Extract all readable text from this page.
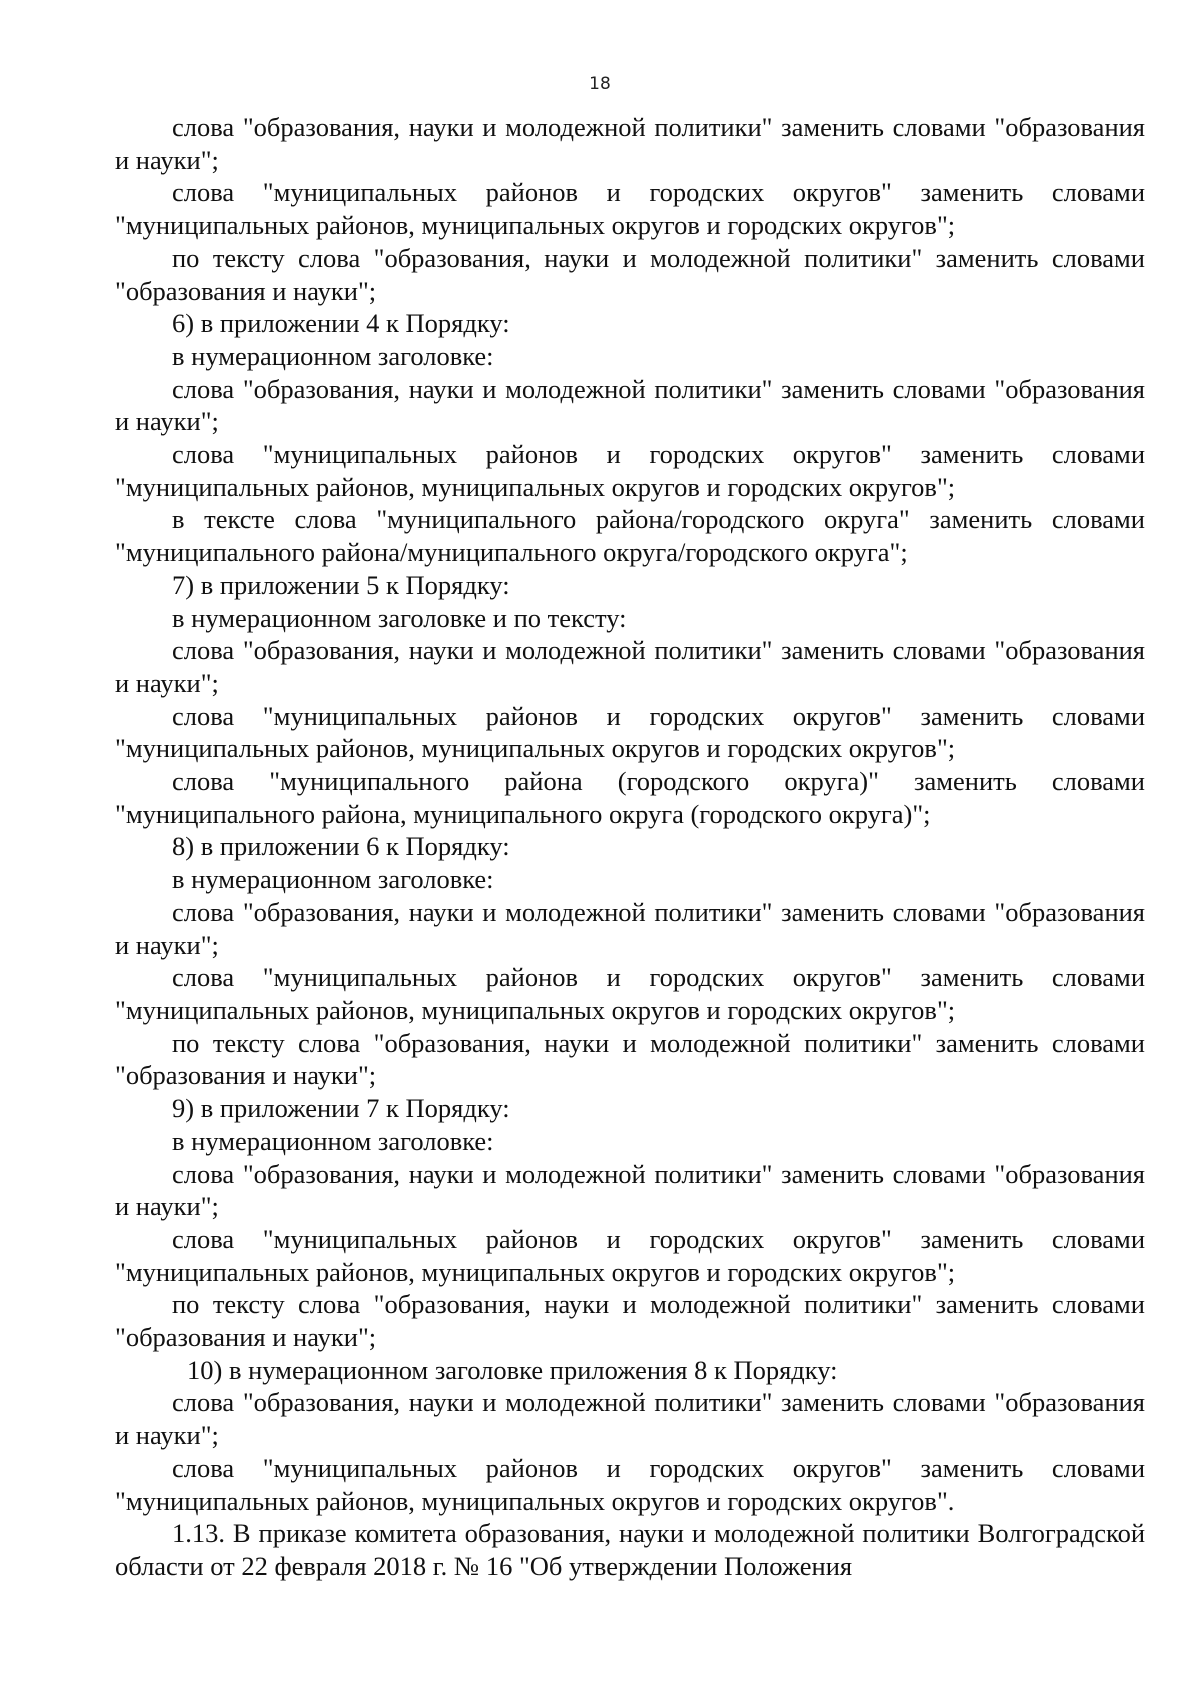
18

слова "образования, науки и молодежной политики" заменить словами "образования и науки";

слова "муниципальных районов и городских округов" заменить словами "муниципальных районов, муниципальных округов и городских округов";

по тексту слова "образования, науки и молодежной политики" заменить словами "образования и науки";

6) в приложении 4 к Порядку:

в нумерационном заголовке:

слова "образования, науки и молодежной политики" заменить словами "образования и науки";

слова "муниципальных районов и городских округов" заменить словами "муниципальных районов, муниципальных округов и городских округов";

в тексте слова "муниципального района/городского округа" заменить словами "муниципального района/муниципального округа/городского округа";

7) в приложении 5 к Порядку:

в нумерационном заголовке и по тексту:

слова "образования, науки и молодежной политики" заменить словами "образования и науки";

слова "муниципальных районов и городских округов" заменить словами "муниципальных районов, муниципальных округов и городских округов";

слова "муниципального района (городского округа)" заменить словами "муниципального района, муниципального округа (городского округа)";

8) в приложении 6 к Порядку:

в нумерационном заголовке:

слова "образования, науки и молодежной политики" заменить словами "образования и науки";

слова "муниципальных районов и городских округов" заменить словами "муниципальных районов, муниципальных округов и городских округов";

по тексту слова "образования, науки и молодежной политики" заменить словами "образования и науки";

9) в приложении 7 к Порядку:

в нумерационном заголовке:

слова "образования, науки и молодежной политики" заменить словами "образования и науки";

слова "муниципальных районов и городских округов" заменить словами "муниципальных районов, муниципальных округов и городских округов";

по тексту слова "образования, науки и молодежной политики" заменить словами "образования и науки";

10) в нумерационном заголовке приложения 8 к Порядку:

слова "образования, науки и молодежной политики" заменить словами "образования и науки";

слова "муниципальных районов и городских округов" заменить словами "муниципальных районов, муниципальных округов и городских округов".

1.13. В приказе комитета образования, науки и молодежной политики Волгоградской области от 22 февраля 2018 г. № 16 "Об утверждении Положения
